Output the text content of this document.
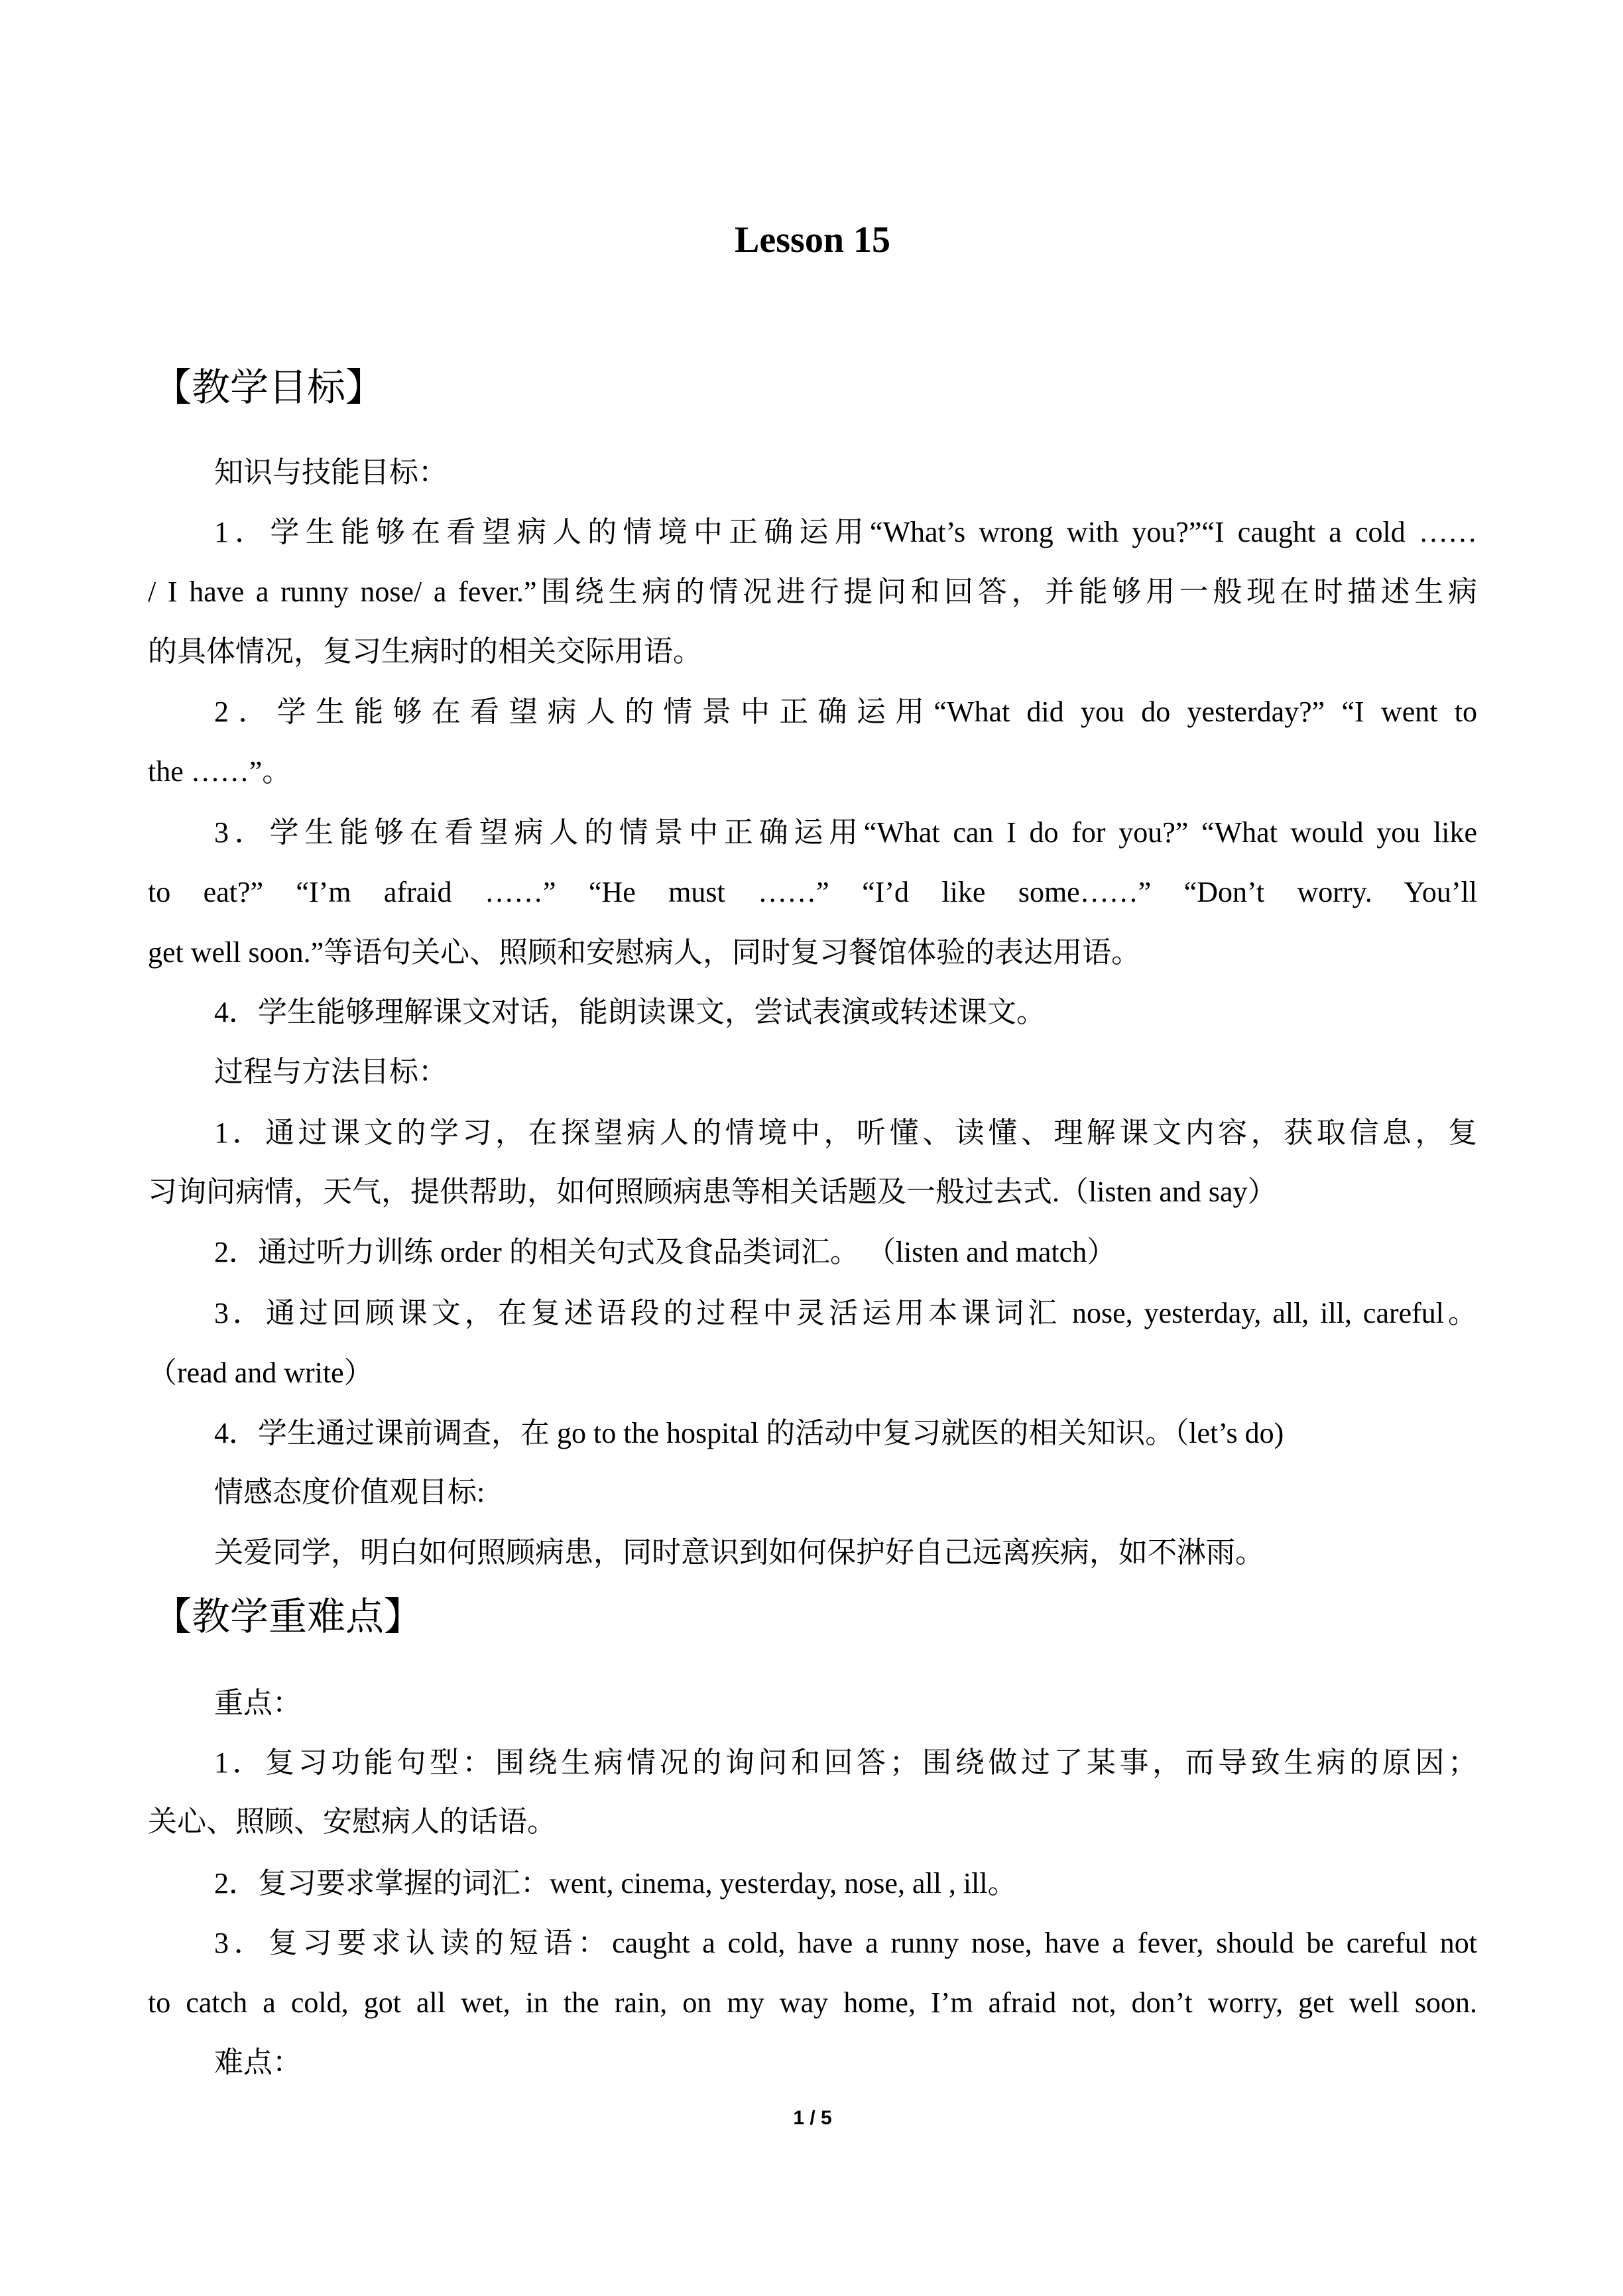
Lesson 15
【教学目标】
知识与技能目标：
1．学生能够在看望病人的情境中正确运用“What’s wrong with you?”“I caught a cold ……
/ I have a runny nose/ a fever.”围绕生病的情况进行提问和回答，并能够用一般现在时描述生病
的具体情况，复习生病时的相关交际用语。
2．学生能够在看望病人的情景中正确运用“What did you do yesterday?” “I went to
the ……”。
3．学生能够在看望病人的情景中正确运用“What can I do for you?” “What would you like
to eat?” “I’m afraid ……” “He must ……” “I’d like some……” “Don’t worry. You’ll
get well soon.”等语句关心、照顾和安慰病人，同时复习餐馆体验的表达用语。
4．学生能够理解课文对话，能朗读课文，尝试表演或转述课文。
过程与方法目标：
1．通过课文的学习，在探望病人的情境中，听懂、读懂、理解课文内容，获取信息，复
习询问病情，天气，提供帮助，如何照顾病患等相关话题及一般过去式.（listen and say）
2．通过听力训练 order 的相关句式及食品类词汇。 （listen and match）
3．通过回顾课文，在复述语段的过程中灵活运用本课词汇 nose, yesterday, all, ill, careful。
（read and write）
4．学生通过课前调查，在 go to the hospital 的活动中复习就医的相关知识。（let’s do)
情感态度价值观目标:
关爱同学，明白如何照顾病患，同时意识到如何保护好自己远离疾病，如不淋雨。
【教学重难点】
重点：
1．复习功能句型：围绕生病情况的询问和回答；围绕做过了某事，而导致生病的原因；
关心、照顾、安慰病人的话语。
2．复习要求掌握的词汇：went, cinema, yesterday, nose, all , ill。
3．复习要求认读的短语：caught a cold, have a runny nose, have a fever, should be careful not
to catch a cold, got all wet, in the rain, on my way home, I’m afraid not, don’t worry, get well soon.
难点：
1 / 5
